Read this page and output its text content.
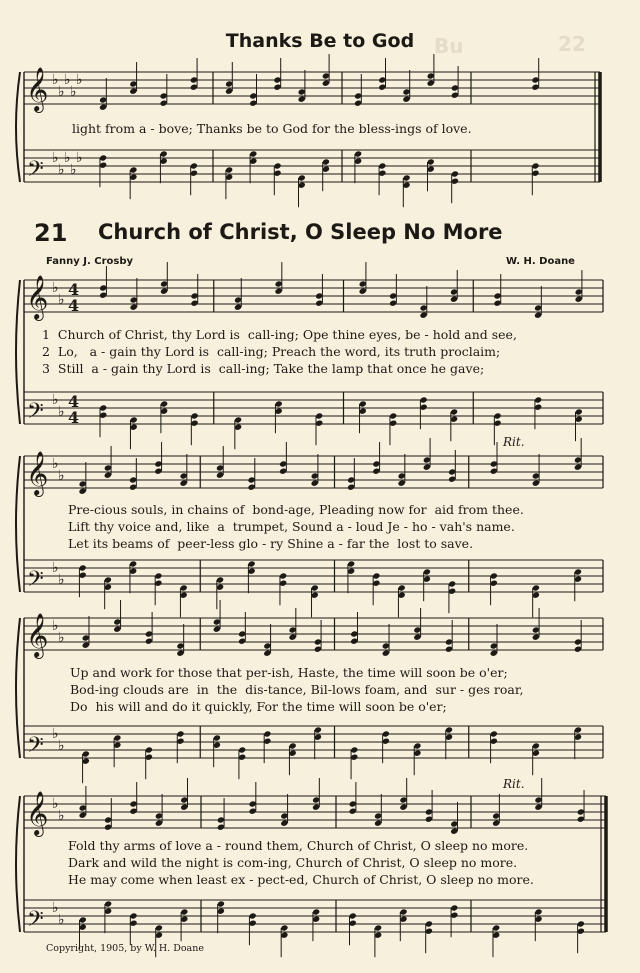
22
Bu
Thanks Be to God
𝄞
𝄢
♭
♭
♭
♭
♭
♭
♭
♭
♭
♭
𝄞
𝄢
♭
♭
♭
♭
4
4
4
4
𝄞
𝄢
♭
♭
♭
♭
𝄞
𝄢
♭
♭
♭
♭
𝄞
𝄢
♭
♭
♭
♭
light from a - bove; Thanks be to God for the bless-ings of love.
21 Church of Christ, O Sleep No More
Fanny J. Crosby	W. H. Doane
1  Church of Christ, thy Lord is  call-ing; Ope thine eyes, be - hold and see,
2  Lo,   a - gain thy Lord is  call-ing; Preach the word, its truth proclaim;
3  Still  a - gain thy Lord is  call-ing; Take the lamp that once he gave;
Rit.
Pre-cious souls, in chains of  bond-age, Pleading now for  aid from thee.
Lift thy voice and, like  a  trumpet, Sound a - loud Je - ho - vah's name.
Let its beams of  peer-less glo - ry Shine a - far the  lost to save.
Up and work for those that per-ish, Haste, the time will soon be o'er;
Bod-ing clouds are  in  the  dis-tance, Bil-lows foam, and  sur - ges roar,
Do  his will and do it quickly, For the time will soon be o'er;
Rit.
Fold thy arms of love a - round them, Church of Christ, O sleep no more.
Dark and wild the night is com-ing, Church of Christ, O sleep no more.
He may come when least ex - pect-ed, Church of Christ, O sleep no more.
Copyright, 1905, by W. H. Doane
